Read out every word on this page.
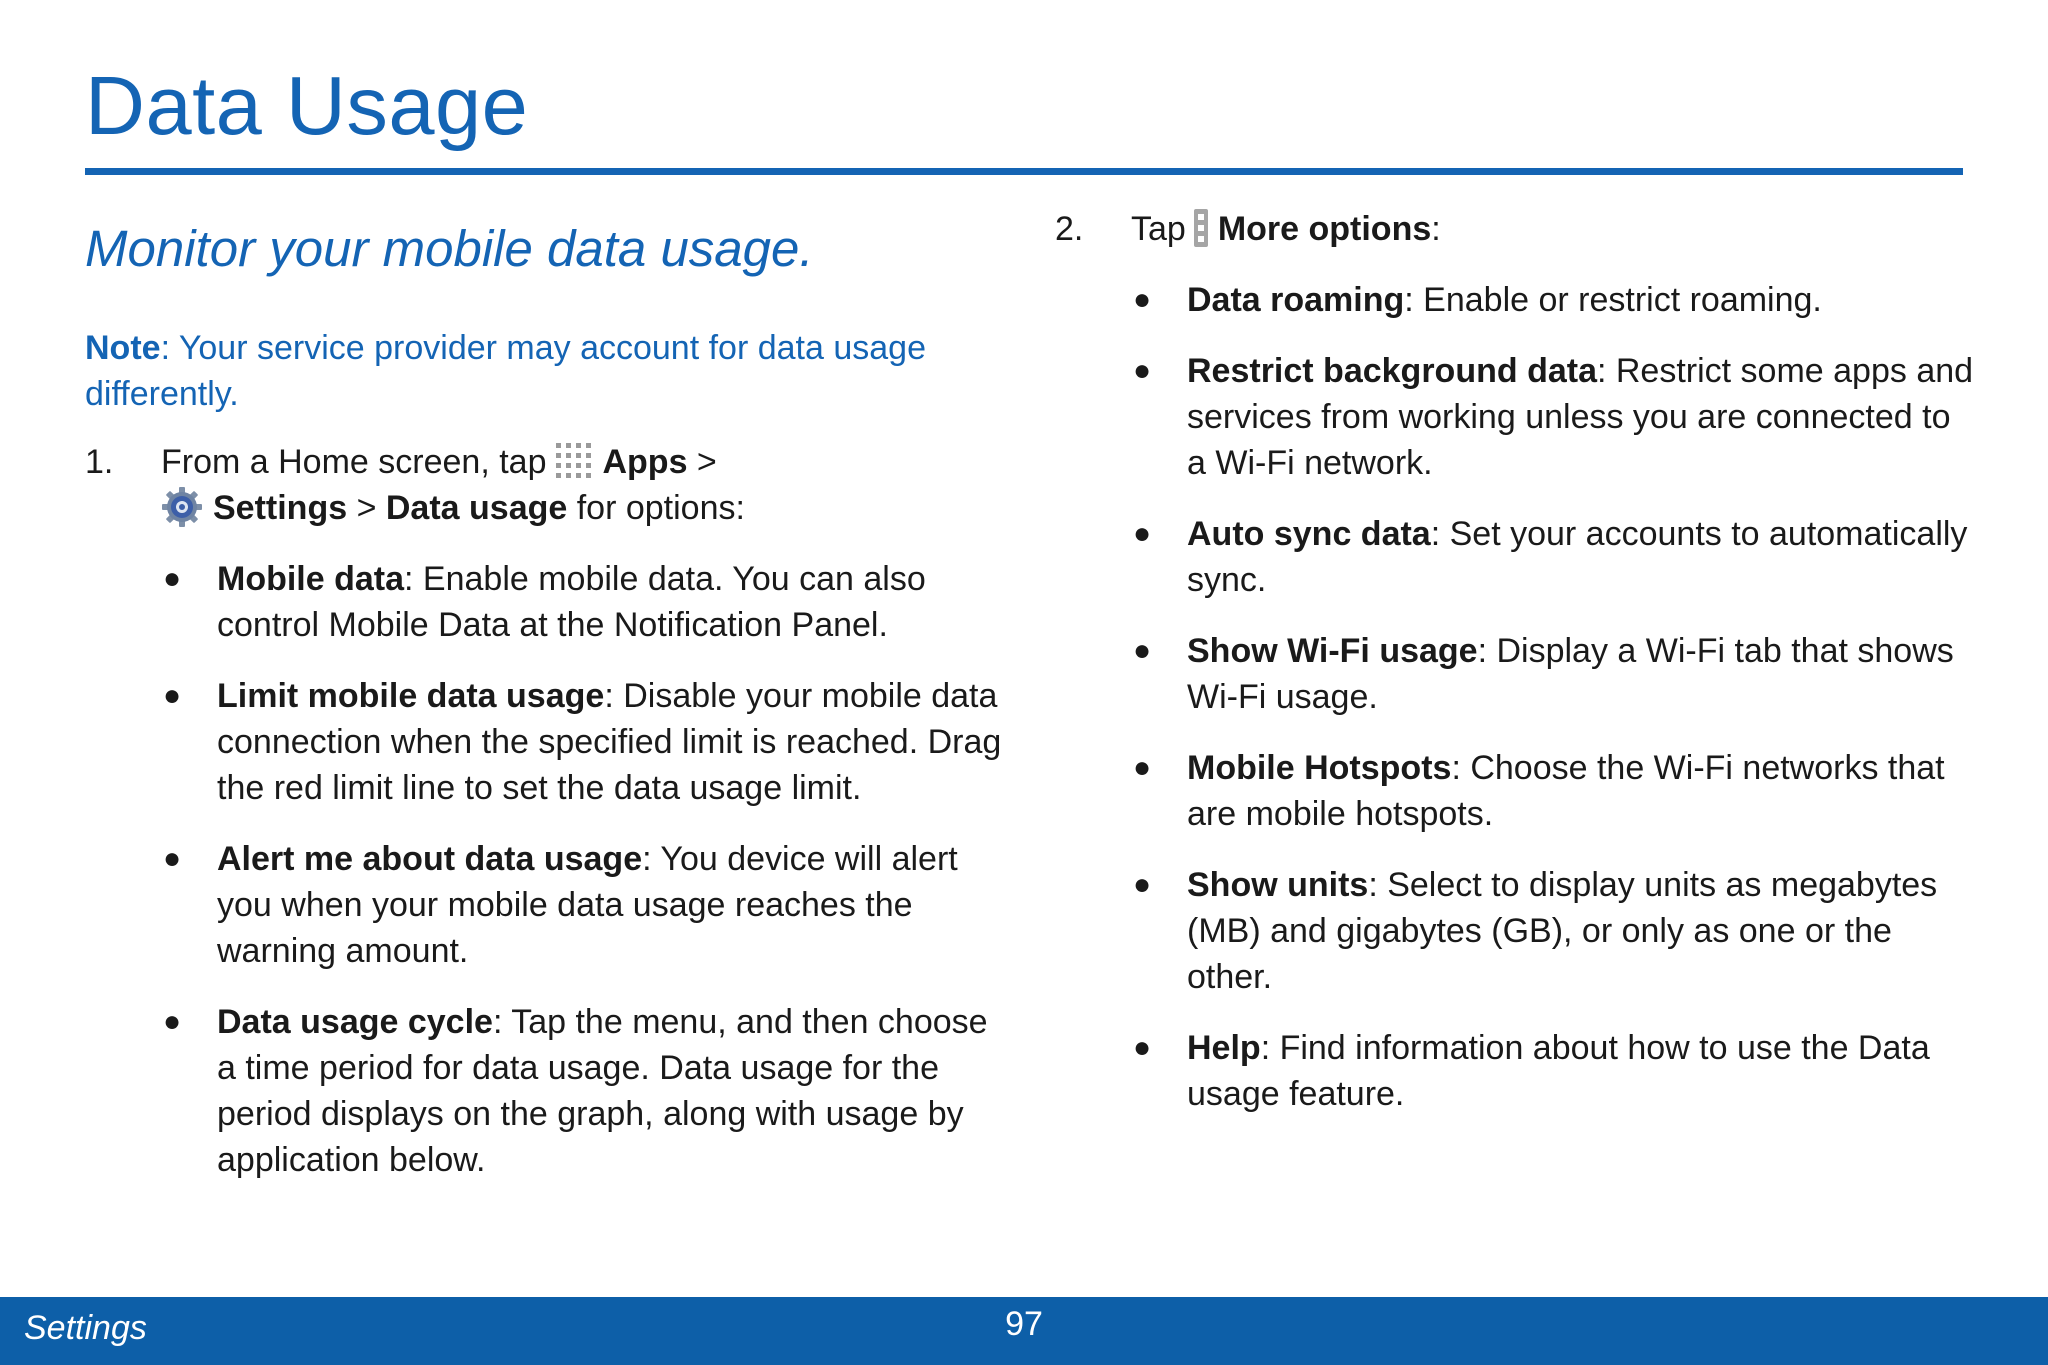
Data Usage
Monitor your mobile data usage.
Note: Your service provider may account for data usage differently.
1. From a Home screen, tap Apps >
Settings > Data usage for options:
● Mobile data: Enable mobile data. You can also control Mobile Data at the Notification Panel.
● Limit mobile data usage: Disable your mobile data connection when the specified limit is reached. Drag the red limit line to set the data usage limit.
● Alert me about data usage: You device will alert you when your mobile data usage reaches the warning amount.
● Data usage cycle: Tap the menu, and then choose a time period for data usage. Data usage for the period displays on the graph, along with usage by application below.
2. Tap More options:
● Data roaming: Enable or restrict roaming.
● Restrict background data: Restrict some apps and services from working unless you are connected to a Wi-Fi network.
● Auto sync data: Set your accounts to automatically sync.
● Show Wi-Fi usage: Display a Wi-Fi tab that shows Wi-Fi usage.
● Mobile Hotspots: Choose the Wi-Fi networks that are mobile hotspots.
● Show units: Select to display units as megabytes (MB) and gigabytes (GB), or only as one or the other.
● Help: Find information about how to use the Data usage feature.
Settings	97
